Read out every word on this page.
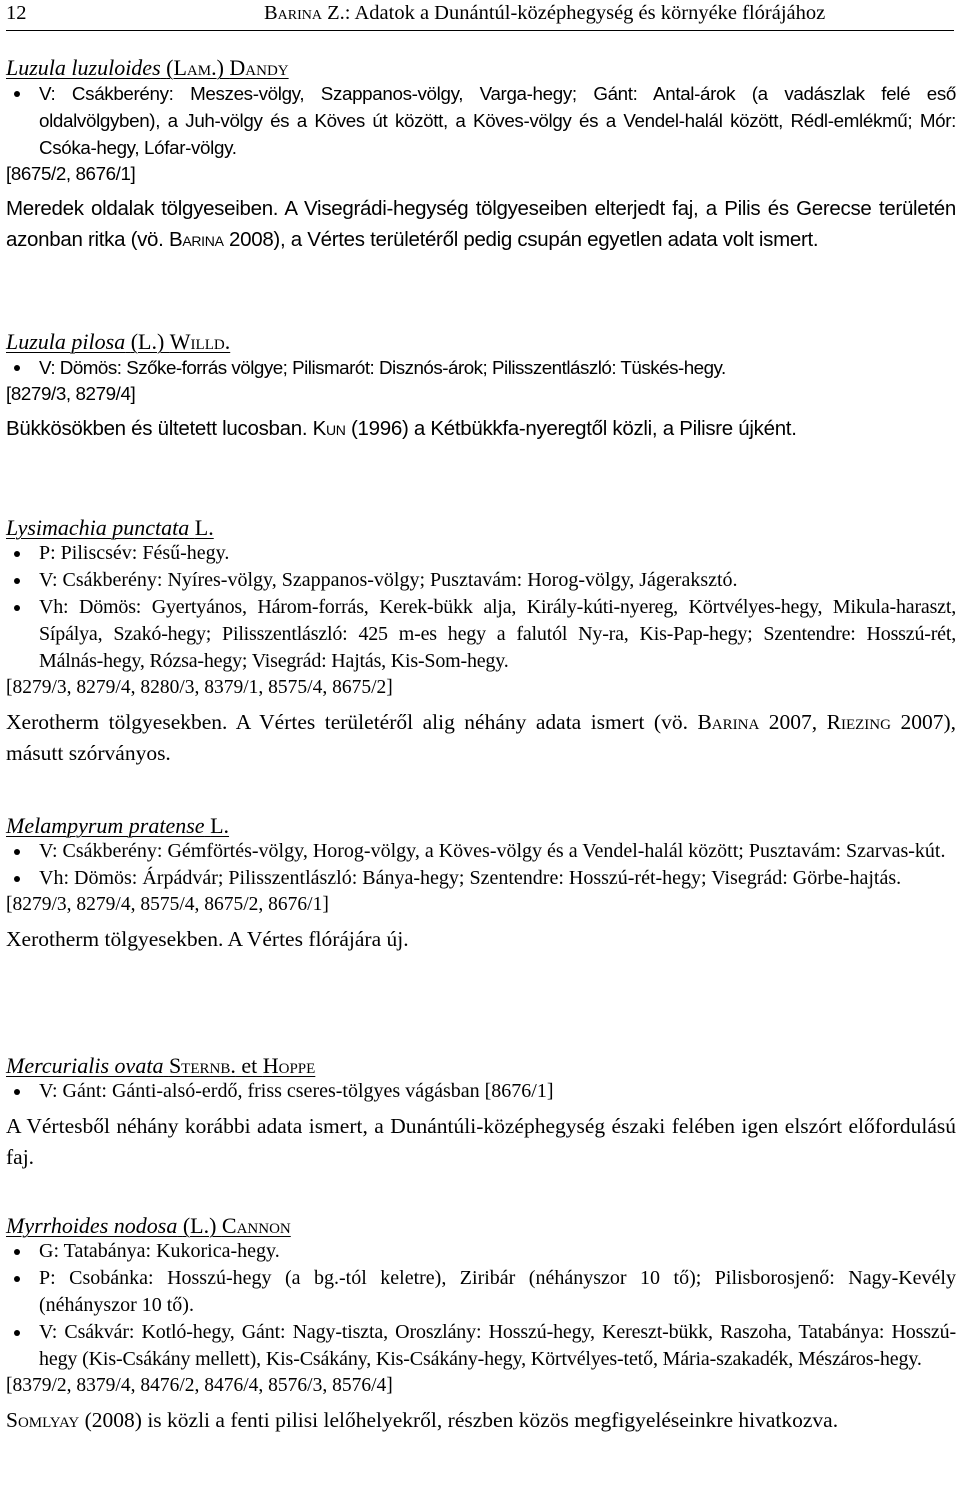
12	Barina Z.: Adatok a Dunántúl-középhegység és környéke flórájához

Luzula luzuloides (Lam.) Dandy

V: Csákberény: Meszes-völgy, Szappanos-völgy, Varga-hegy; Gánt: Antal-árok (a vadászlak felé eső oldalvölgyben), a Juh-völgy és a Köves út között, a Köves-völgy és a Vendel-halál között, Rédl-emlékmű; Mór: Csóka-hegy, Lófar-völgy.
[8675/2, 8676/1]
Meredek oldalak tölgyeseiben. A Visegrádi-hegység tölgyeseiben elterjedt faj, a Pilis és Gerecse területén azonban ritka (vö. Barina 2008), a Vértes területéről pedig csupán egyetlen adata volt ismert.

Luzula pilosa (L.) Willd.

V: Dömös: Szőke-forrás völgye; Pilismarót: Disznós-árok; Pilisszentlászló: Tüskés-hegy.
[8279/3, 8279/4]
Bükkösökben és ültetett lucosban. Kun (1996) a Kétbükkfa-nyeregtől közli, a Pilisre újként.

Lysimachia punctata L.

P: Piliscsév: Fésű-hegy.
V: Csákberény: Nyíres-völgy, Szappanos-völgy; Pusztavám: Horog-völgy, Jágeraksztó.
Vh: Dömös: Gyertyános, Három-forrás, Kerek-bükk alja, Király-kúti-nyereg, Körtvélyes-hegy, Mikula-haraszt, Sípálya, Szakó-hegy; Pilisszentlászló: 425 m-es hegy a falutól Ny-ra, Kis-Pap-hegy; Szentendre: Hosszú-rét, Málnás-hegy, Rózsa-hegy; Visegrád: Hajtás, Kis-Som-hegy.
[8279/3, 8279/4, 8280/3, 8379/1, 8575/4, 8675/2]
Xerotherm tölgyesekben. A Vértes területéről alig néhány adata ismert (vö. Barina 2007, Riezing 2007), másutt szórványos.

Melampyrum pratense L.

V: Csákberény: Gémförtés-völgy, Horog-völgy, a Köves-völgy és a Vendel-halál között; Pusztavám: Szarvas-kút.
Vh: Dömös: Árpádvár; Pilisszentlászló: Bánya-hegy; Szentendre: Hosszú-rét-hegy; Visegrád: Görbe-hajtás.
[8279/3, 8279/4, 8575/4, 8675/2, 8676/1]
Xerotherm tölgyesekben. A Vértes flórájára új.

Mercurialis ovata Sternb. et Hoppe

V: Gánt: Gánti-alsó-erdő, friss cseres-tölgyes vágásban [8676/1]
A Vértesből néhány korábbi adata ismert, a Dunántúli-középhegység északi felében igen elszórt előfordulású faj.

Myrrhoides nodosa (L.) Cannon

G: Tatabánya: Kukorica-hegy.
P: Csobánka: Hosszú-hegy (a bg.-tól keletre), Ziribár (néhányszor 10 tő); Pilisborosjenő: Nagy-Kevély (néhányszor 10 tő).
V: Csákvár: Kotló-hegy, Gánt: Nagy-tiszta, Oroszlány: Hosszú-hegy, Kereszt-bükk, Raszoha, Tatabánya: Hosszú-hegy (Kis-Csákány mellett), Kis-Csákány, Kis-Csákány-hegy, Körtvélyes-tető, Mária-szakadék, Mészáros-hegy.
[8379/2, 8379/4, 8476/2, 8476/4, 8576/3, 8576/4]
Somlyay (2008) is közli a fenti pilisi lelőhelyekről, részben közös megfigyeléseinkre hivatkozva.
